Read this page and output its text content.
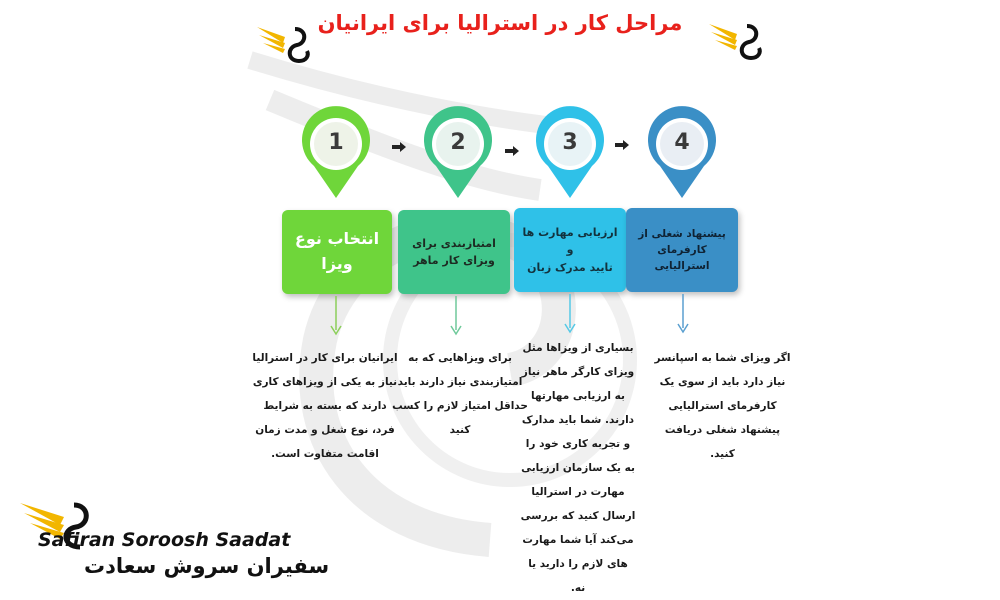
مراحل کار در استرالیا برای ایرانیان
1	2	3	4
انتخاب نوع
ویزا
امتیازبندی برای
ویزای کار ماهر
ارزیابی مهارت ها و
تایید مدرک زبان
پیشنهاد شغلی از
کارفرمای
استرالیایی
ایرانیان برای کار در استرالیا
نیاز به یکی از ویزاهای کاری
دارند که بسته به شرایط
فرد، نوع شغل و مدت زمان
اقامت متفاوت است.
برای ویزاهایی که به
امتیازبندی نیاز دارند باید
حداقل امتیاز لازم را کسب
کنید
بسیاری از ویزاها مثل
ویزای کارگر ماهر نیاز
به ارزیابی مهارتها
دارند. شما باید مدارک
و تجربه کاری خود را
به یک سازمان ارزیابی
مهارت در استرالیا
ارسال کنید که بررسی
می‌کند آیا شما مهارت
های لازم را دارید یا
نه.
اگر ویزای شما به اسپانسر
نیاز دارد باید از سوی یک
کارفرمای استرالیایی
پیشنهاد شغلی دریافت
کنید.
Safiran Soroosh Saadat
سفیران سروش سعادت
